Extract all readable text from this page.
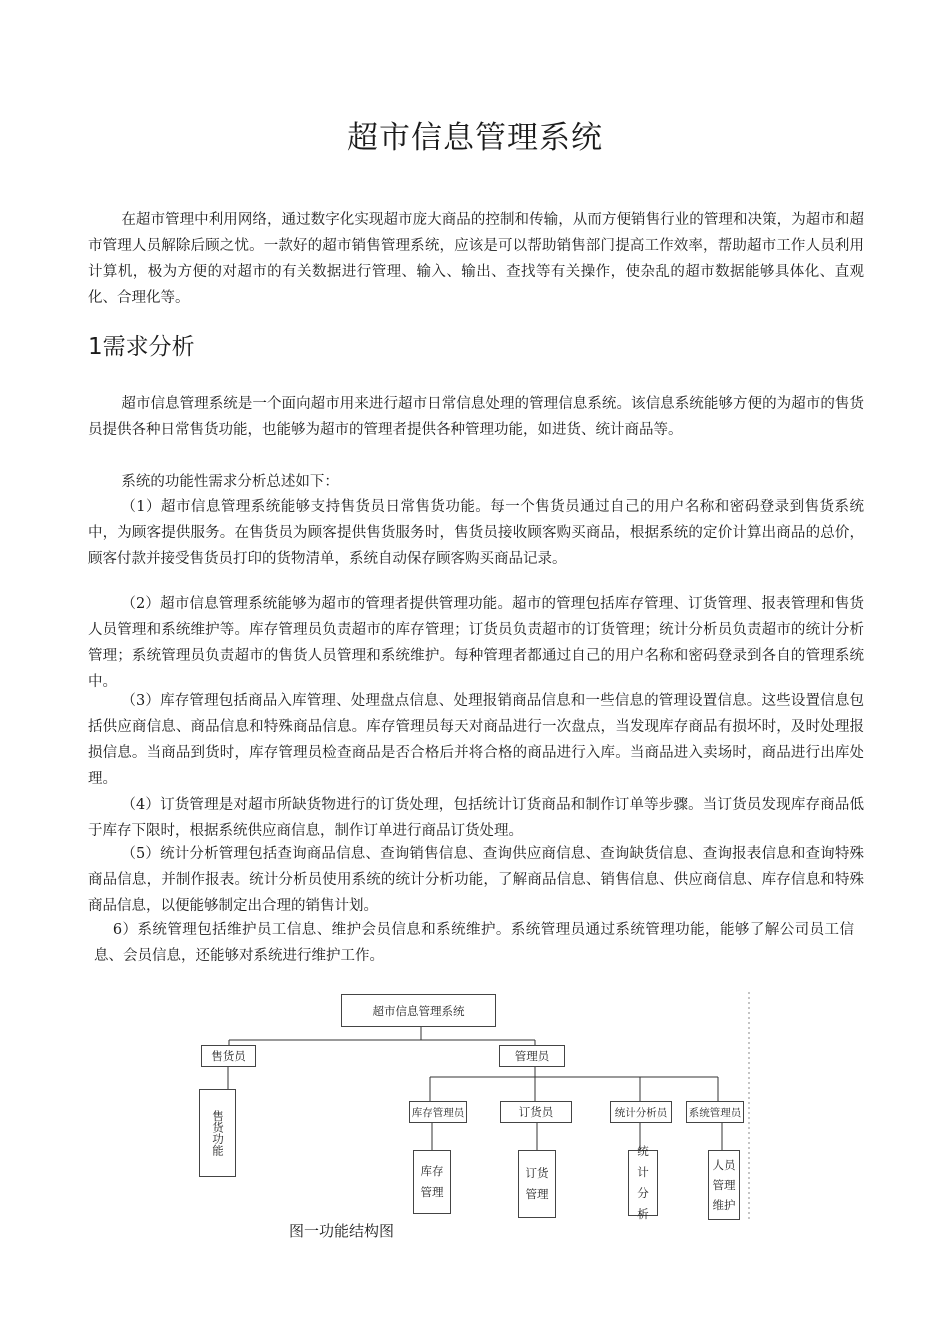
超市信息管理系统

在超市管理中利用网络，通过数字化实现超市庞大商品的控制和传输，从而方便销售行业的管理和决策，为超市和超市管理人员解除后顾之忧。一款好的超市销售管理系统，应该是可以帮助销售部门提高工作效率，帮助超市工作人员利用计算机，极为方便的对超市的有关数据进行管理、输入、输出、查找等有关操作，使杂乱的超市数据能够具体化、直观化、合理化等。

1需求分析

超市信息管理系统是一个面向超市用来进行超市日常信息处理的管理信息系统。该信息系统能够方便的为超市的售货员提供各种日常售货功能，也能够为超市的管理者提供各种管理功能，如进货、统计商品等。

系统的功能性需求分析总述如下：

（1）超市信息管理系统能够支持售货员日常售货功能。每一个售货员通过自己的用户名称和密码登录到售货系统中，为顾客提供服务。在售货员为顾客提供售货服务时，售货员接收顾客购买商品，根据系统的定价计算出商品的总价，顾客付款并接受售货员打印的货物清单，系统自动保存顾客购买商品记录。

（2）超市信息管理系统能够为超市的管理者提供管理功能。超市的管理包括库存管理、订货管理、报表管理和售货人员管理和系统维护等。库存管理员负责超市的库存管理；订货员负责超市的订货管理；统计分析员负责超市的统计分析管理；系统管理员负责超市的售货人员管理和系统维护。每种管理者都通过自己的用户名称和密码登录到各自的管理系统中。

（3）库存管理包括商品入库管理、处理盘点信息、处理报销商品信息和一些信息的管理设置信息。这些设置信息包括供应商信息、商品信息和特殊商品信息。库存管理员每天对商品进行一次盘点，当发现库存商品有损坏时，及时处理报损信息。当商品到货时，库存管理员检查商品是否合格后并将合格的商品进行入库。当商品进入卖场时，商品进行出库处理。

（4）订货管理是对超市所缺货物进行的订货处理，包括统计订货商品和制作订单等步骤。当订货员发现库存商品低于库存下限时，根据系统供应商信息，制作订单进行商品订货处理。

（5）统计分析管理包括查询商品信息、查询销售信息、查询供应商信息、查询缺货信息、查询报表信息和查询特殊商品信息，并制作报表。统计分析员使用系统的统计分析功能，了解商品信息、销售信息、供应商信息、库存信息和特殊商品信息，以便能够制定出合理的销售计划。

6）系统管理包括维护员工信息、维护会员信息和系统维护。系统管理员通过系统管理功能，能够了解公司员工信息、会员信息，还能够对系统进行维护工作。

超市信息管理系统
售货员	管理员
售货功能	库存管理员	订货员	统计分析员	系统管理员
库存管理
订货管理
统计分析
人员管理维护

图一功能结构图
